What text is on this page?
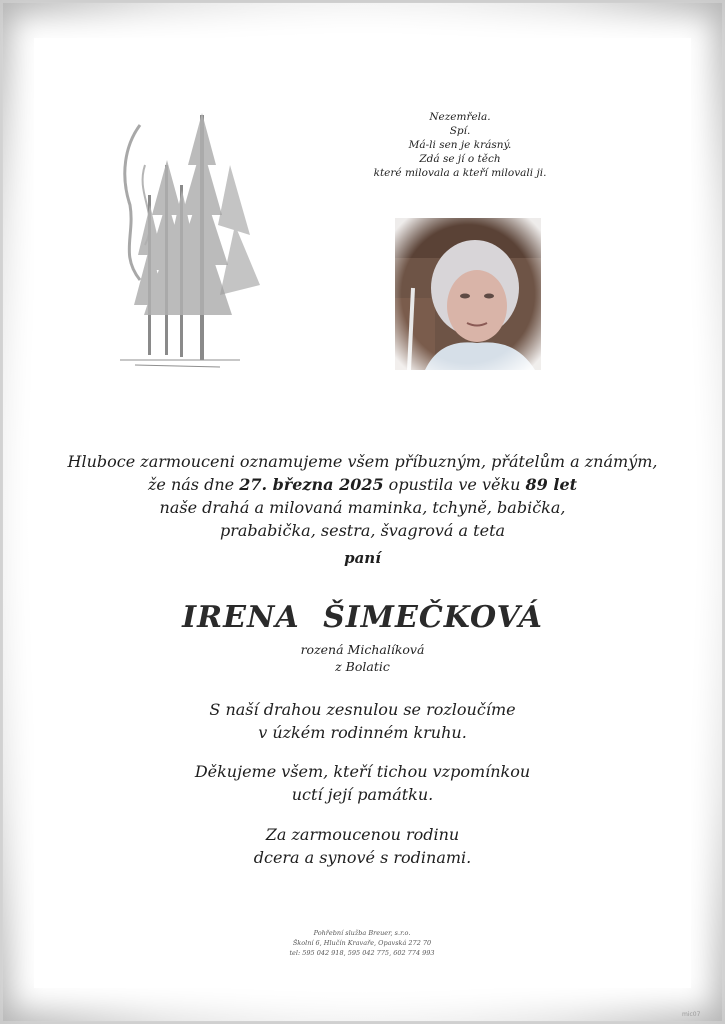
Nezemřela.
Spí.
Má-li sen je krásný.
Zdá se jí o těch
které milovala a kteří milovali ji.
Hluboce zarmouceni oznamujeme všem příbuzným, přátelům a známým,
že nás dne 27. března 2025 opustila ve věku 89 let
naše drahá a milovaná maminka, tchyně, babička,
prababička, sestra, švagrová a teta
paní
IRENA ŠIMEČKOVÁ
rozená Michalíková
z Bolatic
S naší drahou zesnulou se rozloučíme
v úzkém rodinném kruhu.
Děkujeme všem, kteří tichou vzpomínkou
uctí její památku.
Za zarmoucenou rodinu
dcera a synové s rodinami.
Pohřební služba Breuer, s.r.o.
Školní 6, Hlučín Kravaře, Opavská 272 70
tel: 595 042 918, 595 042 775, 602 774 993
mic07
